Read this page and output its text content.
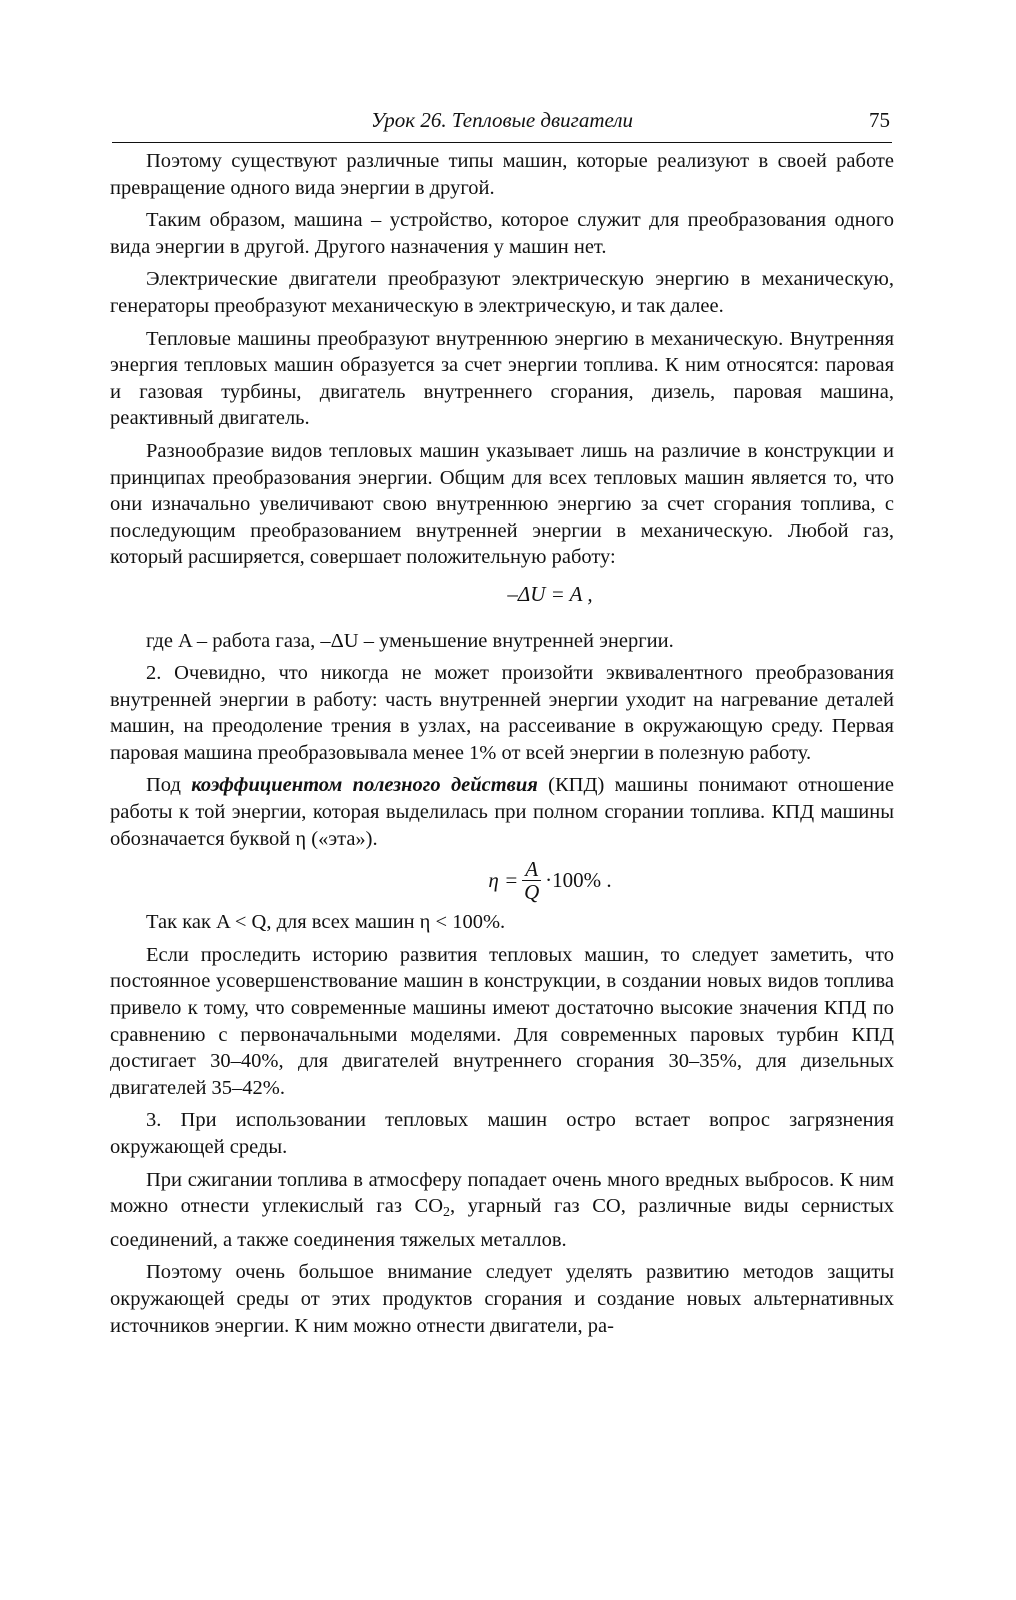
Урок 26. Тепловые двигатели	75

Поэтому существуют различные типы машин, которые реализуют в своей работе превращение одного вида энергии в другой.

Таким образом, машина – устройство, которое служит для преобразования одного вида энергии в другой. Другого назначения у машин нет.

Электрические двигатели преобразуют электрическую энергию в механическую, генераторы преобразуют механическую в электрическую, и так далее.

Тепловые машины преобразуют внутреннюю энергию в механическую. Внутренняя энергия тепловых машин образуется за счет энергии топлива. К ним относятся: паровая и газовая турбины, двигатель внутреннего сгорания, дизель, паровая машина, реактивный двигатель.

Разнообразие видов тепловых машин указывает лишь на различие в конструкции и принципах преобразования энергии. Общим для всех тепловых машин является то, что они изначально увеличивают свою внутреннюю энергию за счет сгорания топлива, с последующим преобразованием внутренней энергии в механическую. Любой газ, который расширяется, совершает положительную работу:

–ΔU = A ,

где A – работа газа, –ΔU – уменьшение внутренней энергии.

2. Очевидно, что никогда не может произойти эквивалентного преобразования внутренней энергии в работу: часть внутренней энергии уходит на нагревание деталей машин, на преодоление трения в узлах, на рассеивание в окружающую среду. Первая паровая машина преобразовывала менее 1% от всей энергии в полезную работу.

Под коэффициентом полезного действия (КПД) машины понимают отношение работы к той энергии, которая выделилась при полном сгорании топлива. КПД машины обозначается буквой η («эта»).

$\eta = \frac{A}{Q} \cdot 100\%$ .

Так как A < Q, для всех машин η < 100%.

Если проследить историю развития тепловых машин, то следует заметить, что постоянное усовершенствование машин в конструкции, в создании новых видов топлива привело к тому, что современные машины имеют достаточно высокие значения КПД по сравнению с первоначальными моделями. Для современных паровых турбин КПД достигает 30–40%, для двигателей внутреннего сгорания 30–35%, для дизельных двигателей 35–42%.

3. При использовании тепловых машин остро встает вопрос загрязнения окружающей среды.

При сжигании топлива в атмосферу попадает очень много вредных выбросов. К ним можно отнести углекислый газ $CO_2$, угарный газ CO, различные виды сернистых соединений, а также соединения тяжелых металлов.

Поэтому очень большое внимание следует уделять развитию методов защиты окружающей среды от этих продуктов сгорания и создание новых альтернативных источников энергии. К ним можно отнести двигатели, ра-
